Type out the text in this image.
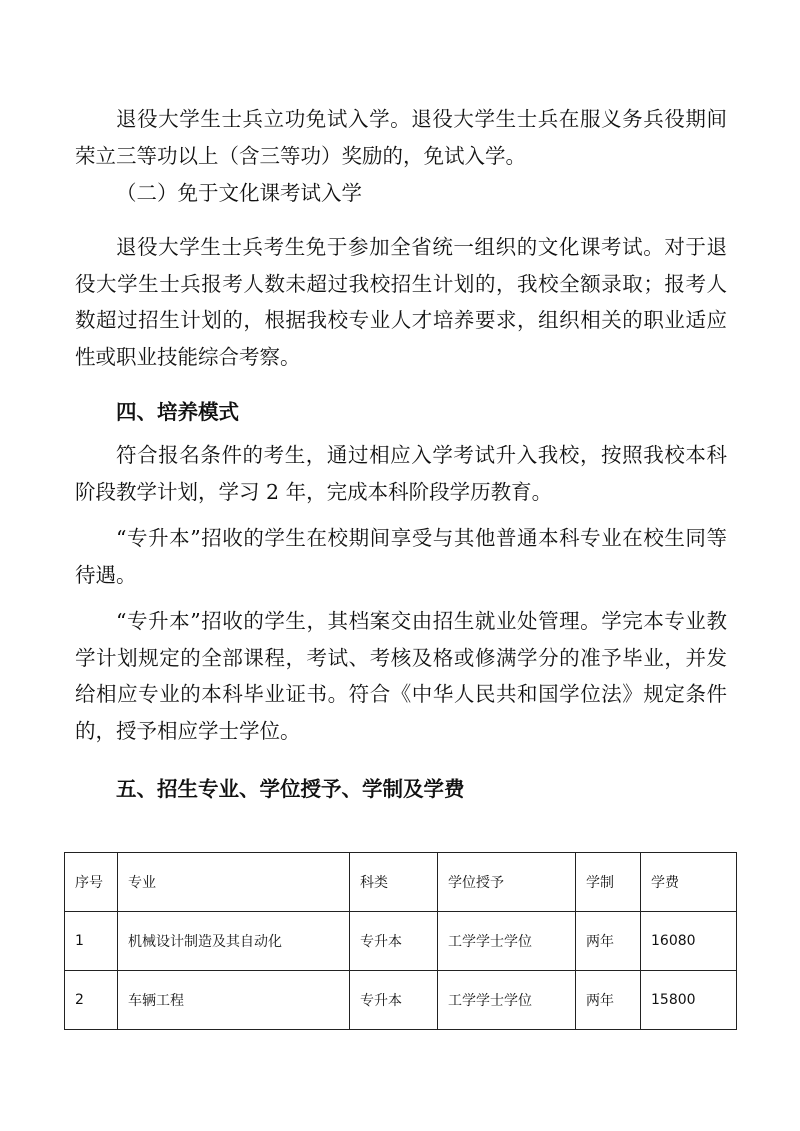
退役大学生士兵立功免试入学。退役大学生士兵在服义务兵役期间荣立三等功以上（含三等功）奖励的，免试入学。

（二）免于文化课考试入学

退役大学生士兵考生免于参加全省统一组织的文化课考试。对于退役大学生士兵报考人数未超过我校招生计划的，我校全额录取；报考人数超过招生计划的，根据我校专业人才培养要求，组织相关的职业适应性或职业技能综合考察。

四、培养模式

符合报名条件的考生，通过相应入学考试升入我校，按照我校本科阶段教学计划，学习 2 年，完成本科阶段学历教育。

“专升本”招收的学生在校期间享受与其他普通本科专业在校生同等待遇。

“专升本”招收的学生，其档案交由招生就业处管理。学完本专业教学计划规定的全部课程，考试、考核及格或修满学分的准予毕业，并发给相应专业的本科毕业证书。符合《中华人民共和国学位法》规定条件的，授予相应学士学位。

五、招生专业、学位授予、学制及学费
序号	专业	科类	学位授予	学制	学费
1	机械设计制造及其自动化	专升本	工学学士学位	两年	16080
2	车辆工程	专升本	工学学士学位	两年	15800
